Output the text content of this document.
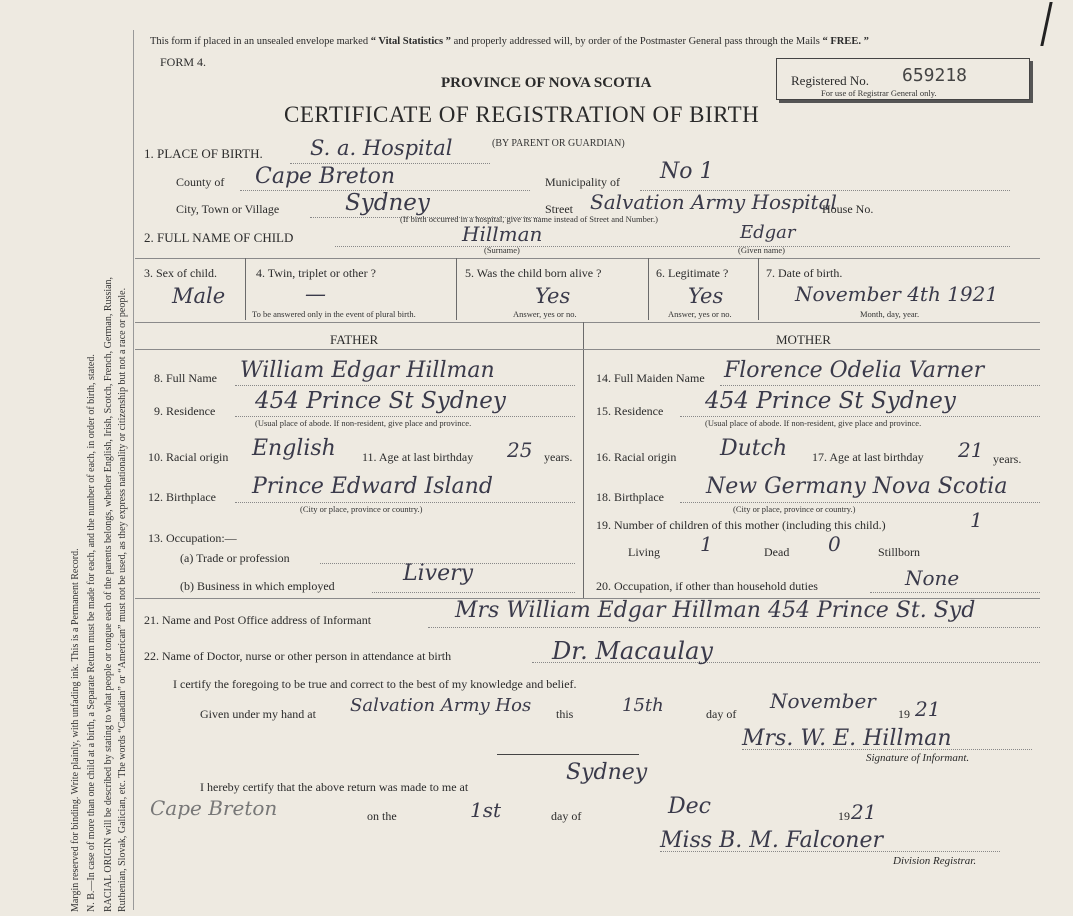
Margin reserved for binding. Write plainly, with unfading ink. This is a Permanent Record. N. B.—In case of more than one child at a birth, a Separate Return must be made for each, and the number of each, in order of birth, stated. RACIAL ORIGIN will be described by stating to what people or tongue each of the parents belongs, whether English, Irish, Scotch, French, German, Russian, Ruthenian, Slovak, Galician, etc. The words “Canadian” or “American” must not be used, as they express nationality or citizenship but not a race or people.
This form if placed in an unsealed envelope marked “ Vital Statistics ” and properly addressed will, by order of the Postmaster General pass through the Mails “ FREE. ”
FORM 4.
PROVINCE OF NOVA SCOTIA
CERTIFICATE OF REGISTRATION OF BIRTH
(BY PARENT OR GUARDIAN)
Registered No. 659218
For use of Registrar General only.
1. PLACE OF BIRTH. S. a. Hospital
County of Cape Breton	Municipality of No 1
City, Town or Village	Sydney	Street Salvation Army Hospital
House No.
(If birth occurred in a hospital, give its name instead of Street and Number.)
2. FULL NAME OF CHILD	Hillman	Edgar
(Surname)	(Given name)
3. Sex of child.
Male
4. Twin, triplet or other ?
—
To be answered only in the event of plural birth.
5. Was the child born alive ?
Yes
Answer, yes or no.
6. Legitimate ?
Yes
Answer, yes or no.
7. Date of birth.
November 4th 1921
Month, day, year.
FATHER	MOTHER
8. Full Name William Edgar Hillman
9. Residence 454 Prince St Sydney
(Usual place of abode. If non-resident, give place and province.
10. Racial origin English 11. Age at last birthday 25 years.
12. Birthplace Prince Edward Island
(City or place, province or country.)
13. Occupation:—
(a) Trade or profession
(b) Business in which employed	Livery
14. Full Maiden Name Florence Odelia Varner
15. Residence 454 Prince St Sydney
(Usual place of abode. If non-resident, give place and province.
16. Racial origin Dutch 17. Age at last birthday 21 years.
18. Birthplace New Germany Nova Scotia
(City or place, province or country.)
19. Number of children of this mother (including this child.)	1
Living 1	Dead 0	Stillborn
20. Occupation, if other than household duties	None
21. Name and Post Office address of Informant	Mrs William Edgar Hillman 454 Prince St. Syd
22. Name of Doctor, nurse or other person in attendance at birth	Dr. Macaulay
I certify the foregoing to be true and correct to the best of my knowledge and belief.
Given under my hand at Salvation Army Hos this	15th	day of
November
19 21
Mrs. W. E. Hillman
Signature of Informant.
I hereby certify that the above return was made to me at
Sydney
Cape Breton	on the	1st	day of	Dec	19 21
Miss B. M. Falconer
Division Registrar.
